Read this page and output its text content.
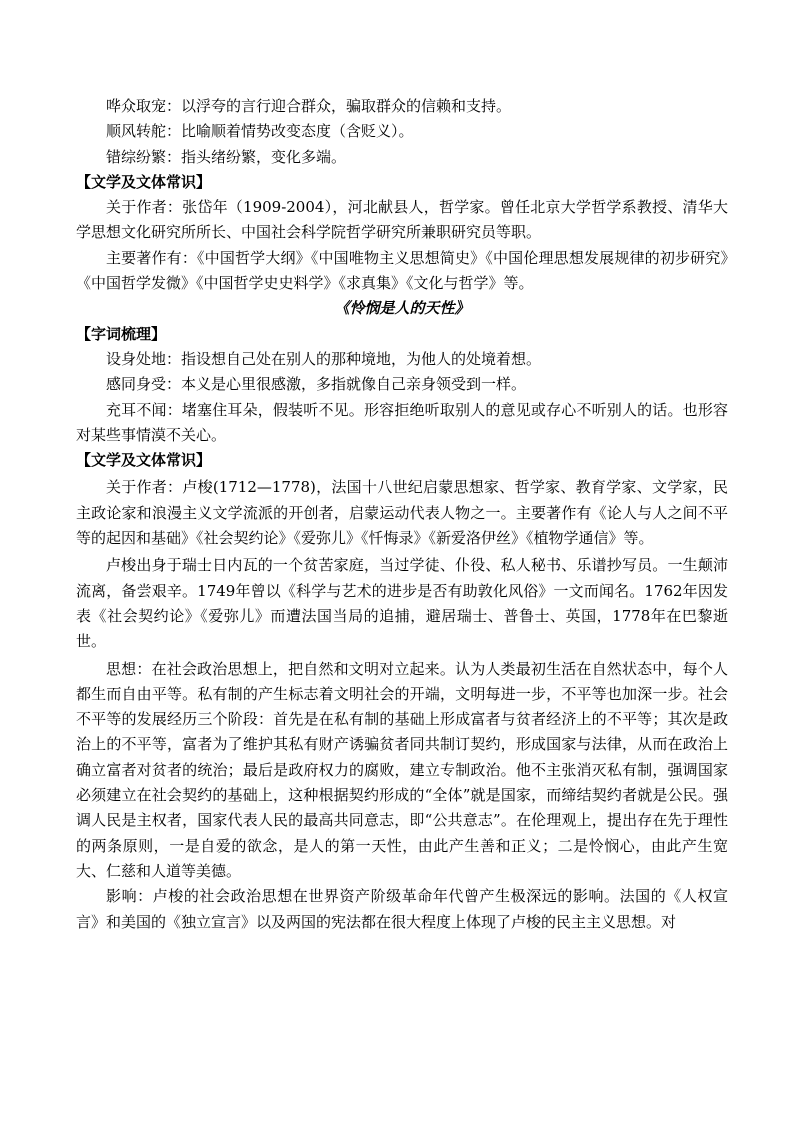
哗众取宠：以浮夸的言行迎合群众，骗取群众的信赖和支持。

顺风转舵：比喻顺着情势改变态度（含贬义）。

错综纷繁：指头绪纷繁，变化多端。

【文学及文体常识】

关于作者：张岱年（1909-2004），河北献县人，哲学家。曾任北京大学哲学系教授、清华大学思想文化研究所所长、中国社会科学院哲学研究所兼职研究员等职。

主要著作有：《中国哲学大纲》《中国唯物主义思想简史》《中国伦理思想发展规律的初步研究》《中国哲学发微》《中国哲学史史料学》《求真集》《文化与哲学》等。

《怜悯是人的天性》

【字词梳理】

设身处地：指设想自己处在别人的那种境地，为他人的处境着想。

感同身受：本义是心里很感激，多指就像自己亲身领受到一样。

充耳不闻：堵塞住耳朵，假装听不见。形容拒绝听取别人的意见或存心不听别人的话。也形容对某些事情漠不关心。

【文学及文体常识】

关于作者：卢梭(1712—1778)，法国十八世纪启蒙思想家、哲学家、教育学家、文学家，民主政论家和浪漫主义文学流派的开创者，启蒙运动代表人物之一。主要著作有《论人与人之间不平等的起因和基础》《社会契约论》《爱弥儿》《忏悔录》《新爱洛伊丝》《植物学通信》等。

卢梭出身于瑞士日内瓦的一个贫苦家庭，当过学徒、仆役、私人秘书、乐谱抄写员。一生颠沛流离，备尝艰辛。1749年曾以《科学与艺术的进步是否有助敦化风俗》一文而闻名。1762年因发表《社会契约论》《爱弥儿》而遭法国当局的追捕，避居瑞士、普鲁士、英国，1778年在巴黎逝世。

思想：在社会政治思想上，把自然和文明对立起来。认为人类最初生活在自然状态中，每个人都生而自由平等。私有制的产生标志着文明社会的开端，文明每进一步，不平等也加深一步。社会不平等的发展经历三个阶段：首先是在私有制的基础上形成富者与贫者经济上的不平等；其次是政治上的不平等，富者为了维护其私有财产诱骗贫者同共制订契约，形成国家与法律，从而在政治上确立富者对贫者的统治；最后是政府权力的腐败，建立专制政治。他不主张消灭私有制，强调国家必须建立在社会契约的基础上，这种根据契约形成的“全体”就是国家，而缔结契约者就是公民。强调人民是主权者，国家代表人民的最高共同意志，即“公共意志”。在伦理观上，提出存在先于理性的两条原则，一是自爱的欲念，是人的第一天性，由此产生善和正义；二是怜悯心，由此产生宽大、仁慈和人道等美德。

影响：卢梭的社会政治思想在世界资产阶级革命年代曾产生极深远的影响。法国的《人权宣言》和美国的《独立宣言》以及两国的宪法都在很大程度上体现了卢梭的民主主义思想。对
